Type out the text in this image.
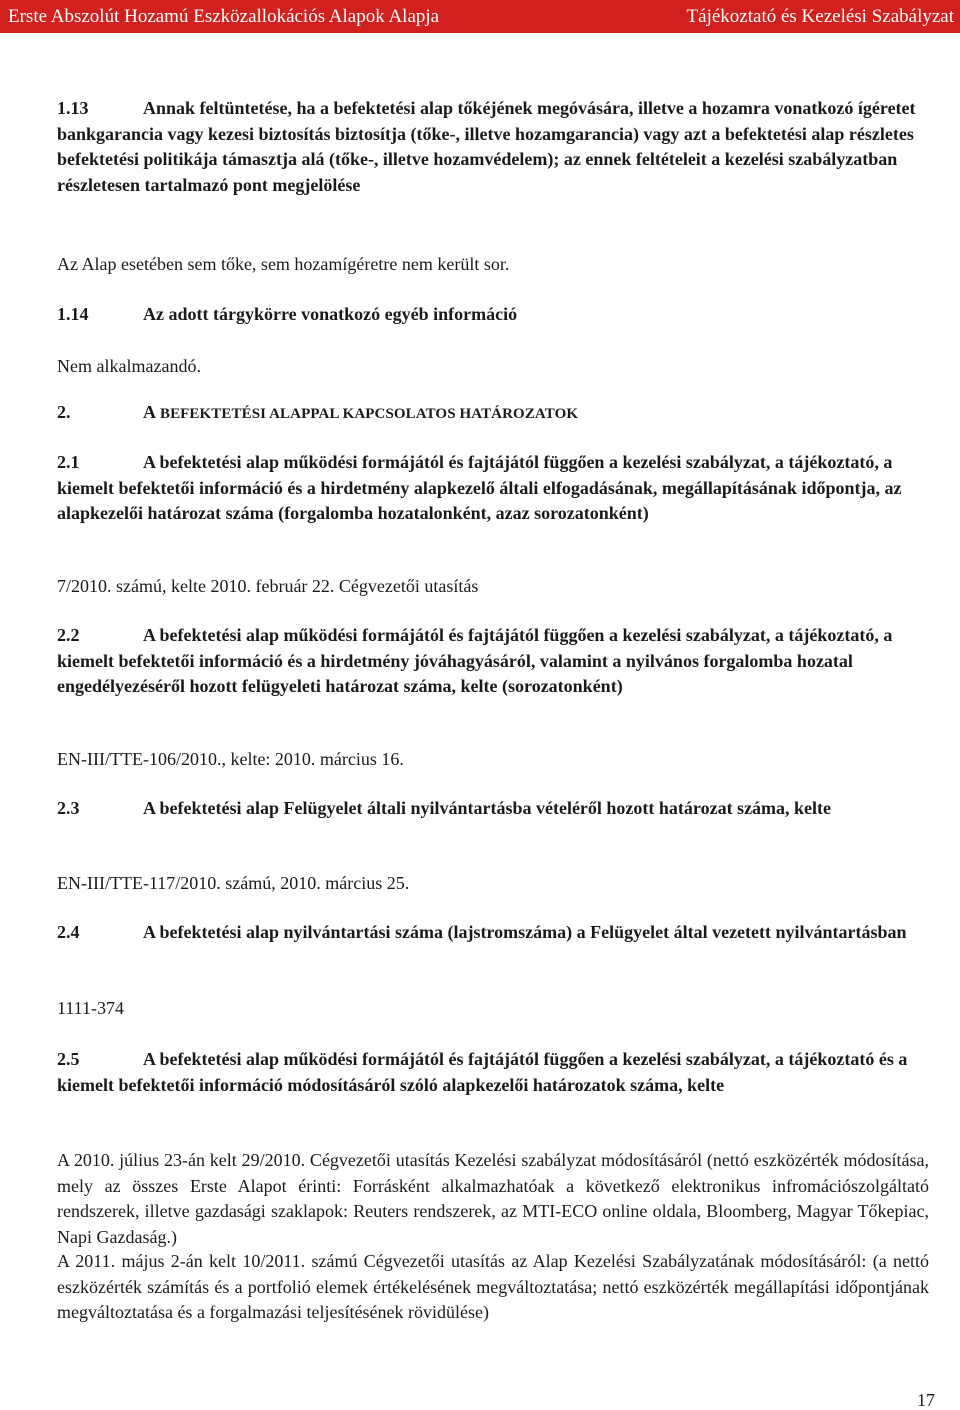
Erste Abszolút Hozamú Eszközallokációs Alapok Alapja	Tájékoztató és Kezelési Szabályzat
1.13	Annak feltüntetése, ha a befektetési alap tőkéjének megóvására, illetve a hozamra vonatkozó ígéretet bankgarancia vagy kezesi biztosítás biztosítja (tőke-, illetve hozamgarancia) vagy azt a befektetési alap részletes befektetési politikája támasztja alá (tőke-, illetve hozamvédelem); az ennek feltételeit a kezelési szabályzatban részletesen tartalmazó pont megjelölése
Az Alap esetében sem tőke, sem hozamígéretre nem került sor.
1.14	Az adott tárgykörre vonatkozó egyéb információ
Nem alkalmazandó.
2.	A BEFEKTETÉSI ALAPPAL KAPCSOLATOS HATÁROZATOK
2.1	A befektetési alap működési formájától és fajtájától függően a kezelési szabályzat, a tájékoztató, a kiemelt befektetői információ és a hirdetmény alapkezelő általi elfogadásának, megállapításának időpontja, az alapkezelői határozat száma (forgalomba hozatalonként, azaz sorozatonként)
7/2010. számú, kelte 2010. február 22. Cégvezetői utasítás
2.2	A befektetési alap működési formájától és fajtájától függően a kezelési szabályzat, a tájékoztató, a kiemelt befektetői információ és a hirdetmény jóváhagyásáról, valamint a nyilvános forgalomba hozatal engedélyezéséről hozott felügyeleti határozat száma, kelte (sorozatonként)
EN-III/TTE-106/2010., kelte: 2010. március 16.
2.3	A befektetési alap Felügyelet általi nyilvántartásba vételéről hozott határozat száma, kelte
EN-III/TTE-117/2010. számú, 2010. március 25.
2.4	A befektetési alap nyilvántartási száma (lajstromszáma) a Felügyelet által vezetett nyilvántartásban
1111-374
2.5	A befektetési alap működési formájától és fajtájától függően a kezelési szabályzat, a tájékoztató és a kiemelt befektetői információ módosításáról szóló alapkezelői határozatok száma, kelte
A 2010. július 23-án kelt 29/2010. Cégvezetői utasítás Kezelési szabályzat módosításáról (nettó eszközérték módosítása, mely az összes Erste Alapot érinti: Forrásként alkalmazhatóak a következő elektronikus infromációszolgáltató rendszerek, illetve gazdasági szaklapok: Reuters rendszerek, az MTI-ECO online oldala, Bloomberg, Magyar Tőkepiac, Napi Gazdaság.)
A 2011. május 2-án kelt 10/2011. számú Cégvezetői utasítás az Alap Kezelési Szabályzatának módosításáról: (a nettó eszközérték számítás és a portfolió elemek értékelésének megváltoztatása; nettó eszközérték megállapítási időpontjának megváltoztatása és a forgalmazási teljesítésének rövidülése)
17
